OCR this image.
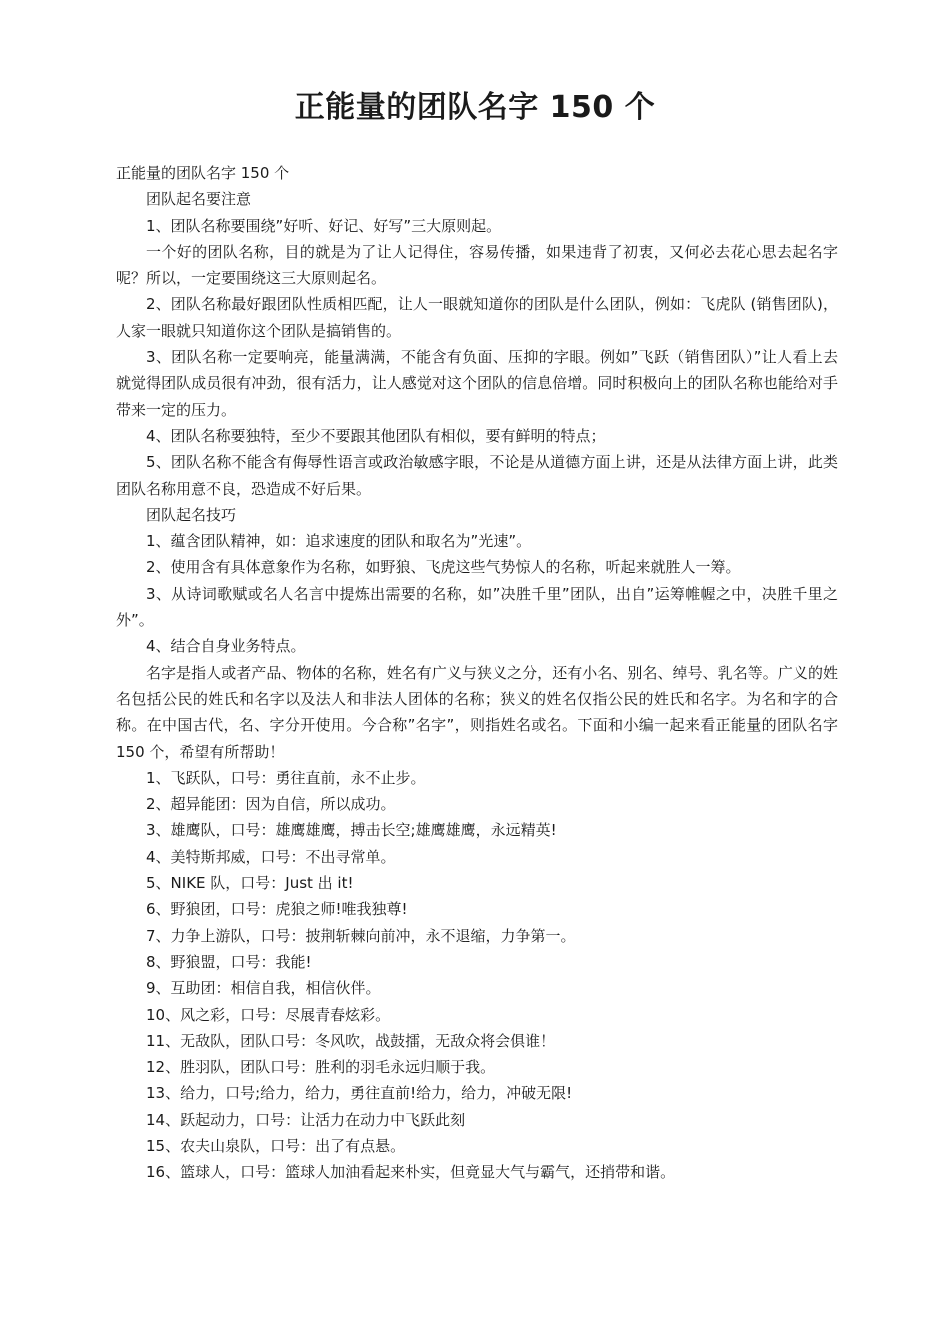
正能量的团队名字 150 个

正能量的团队名字 150 个

团队起名要注意

1、团队名称要围绕”好听、好记、好写”三大原则起。

一个好的团队名称，目的就是为了让人记得住，容易传播，如果违背了初衷，又何必去花心思去起名字呢？所以，一定要围绕这三大原则起名。

2、团队名称最好跟团队性质相匹配，让人一眼就知道你的团队是什么团队，例如：飞虎队 (销售团队)，人家一眼就只知道你这个团队是搞销售的。

3、团队名称一定要响亮，能量满满，不能含有负面、压抑的字眼。例如”飞跃（销售团队）”让人看上去就觉得团队成员很有冲劲，很有活力，让人感觉对这个团队的信息倍增。同时积极向上的团队名称也能给对手带来一定的压力。

4、团队名称要独特，至少不要跟其他团队有相似，要有鲜明的特点；

5、团队名称不能含有侮辱性语言或政治敏感字眼，不论是从道德方面上讲，还是从法律方面上讲，此类团队名称用意不良，恐造成不好后果。

团队起名技巧

1、蕴含团队精神，如：追求速度的团队和取名为”光速”。

2、使用含有具体意象作为名称，如野狼、飞虎这些气势惊人的名称，听起来就胜人一筹。

3、从诗词歌赋或名人名言中提炼出需要的名称，如”决胜千里”团队，出自”运筹帷幄之中，决胜千里之外”。

4、结合自身业务特点。

名字是指人或者产品、物体的名称，姓名有广义与狭义之分，还有小名、别名、绰号、乳名等。广义的姓名包括公民的姓氏和名字以及法人和非法人团体的名称；狭义的姓名仅指公民的姓氏和名字。为名和字的合称。在中国古代，名、字分开使用。今合称”名字”，则指姓名或名。下面和小编一起来看正能量的团队名字 150 个，希望有所帮助！

1、飞跃队，口号：勇往直前，永不止步。

2、超异能团：因为自信，所以成功。

3、雄鹰队，口号：雄鹰雄鹰，搏击长空;雄鹰雄鹰，永远精英!

4、美特斯邦威，口号：不出寻常单。

5、NIKE 队，口号：Just 出 it!

6、野狼团，口号：虎狼之师!唯我独尊!

7、力争上游队，口号：披荆斩棘向前冲，永不退缩，力争第一。

8、野狼盟，口号：我能!

9、互助团：相信自我，相信伙伴。

10、风之彩，口号：尽展青春炫彩。

11、无敌队，团队口号：冬风吹，战鼓擂，无敌众将会俱谁！

12、胜羽队，团队口号：胜利的羽毛永远归顺于我。

13、给力，口号;给力，给力，勇往直前!给力，给力，冲破无限!

14、跃起动力，口号：让活力在动力中飞跃此刻

15、农夫山泉队，口号：出了有点悬。

16、篮球人，口号：篮球人加油看起来朴实，但竟显大气与霸气，还捎带和谐。
